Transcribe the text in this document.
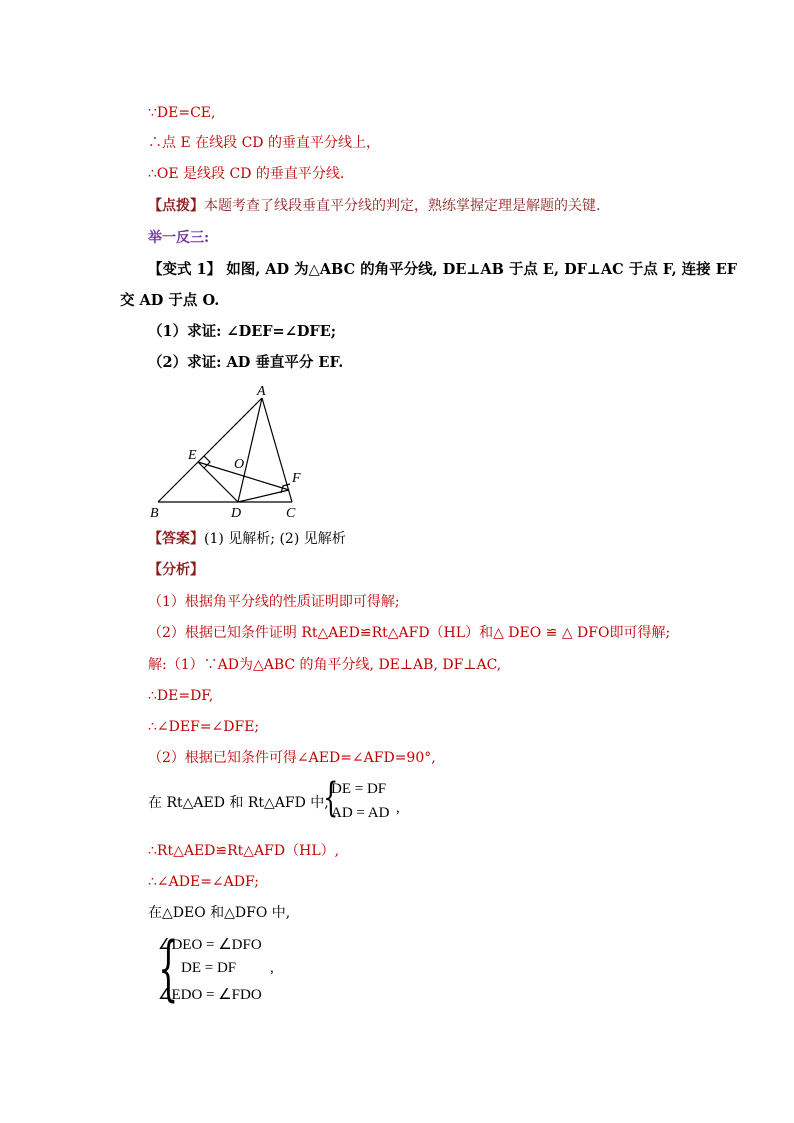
∵DE=CE,
∴点 E 在线段 CD 的垂直平分线上，
∴OE 是线段 CD 的垂直平分线.
【点拨】本题考查了线段垂直平分线的判定，熟练掌握定理是解题的关键.
举一反三:
【变式 1】 如图, AD 为△ABC 的角平分线, DE⊥AB 于点 E, DF⊥AC 于点 F, 连接 EF
交 AD 于点 O.
（1）求证: ∠DEF=∠DFE;
（2）求证: AD 垂直平分 EF.
A
B	C
D
E
F
O
【答案】(1) 见解析; (2) 见解析
【分析】
（1）根据角平分线的性质证明即可得解;
（2）根据已知条件证明 Rt△AED≌Rt△AFD（HL）和△ DEO ≌ △ DFO即可得解;
解:（1）∵AD为△ABC 的角平分线, DE⊥AB, DF⊥AC,
∴DE=DF,
∴∠DEF=∠DFE;
（2）根据已知条件可得∠AED=∠AFD=90°,
在 Rt△AED 和 Rt△AFD 中,
{
DE = DF
AD = AD ,
∴Rt△AED≌Rt△AFD（HL）,
∴∠ADE=∠ADF;
在△DEO 和△DFO 中,
{
∠DEO = ∠DFO
DE = DF
∠EDO = ∠FDO
,
